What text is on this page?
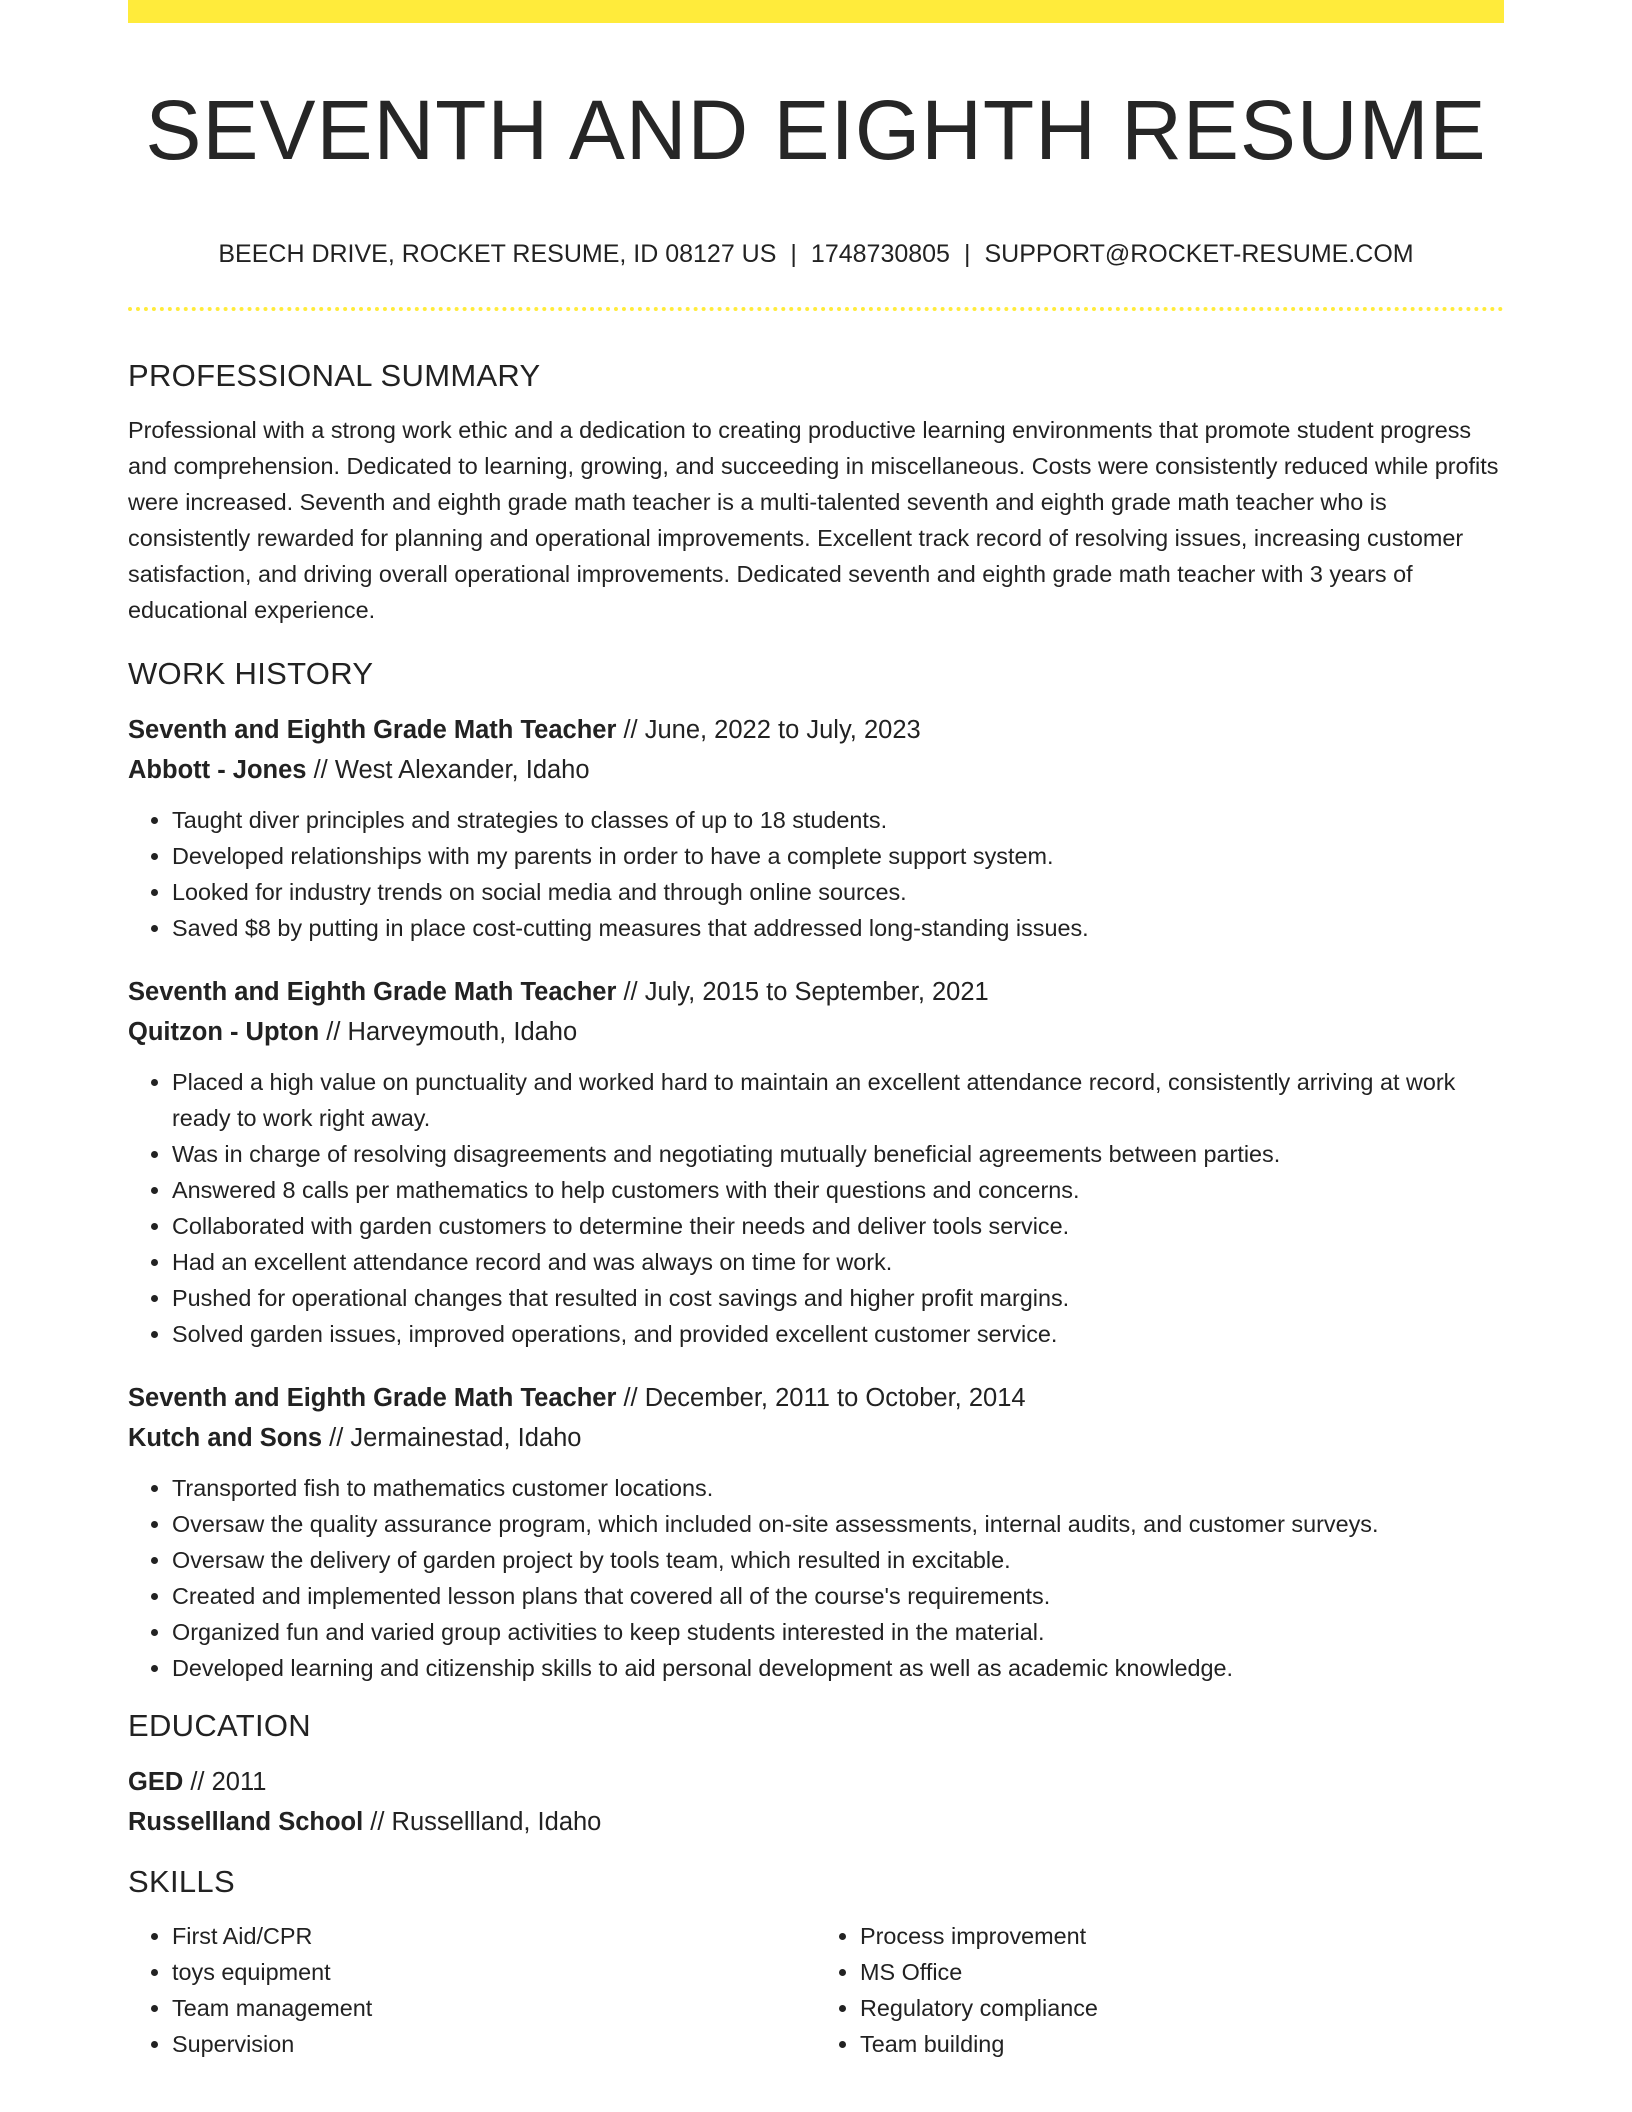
SEVENTH AND EIGHTH RESUME
BEECH DRIVE, ROCKET RESUME, ID 08127 US | 1748730805 | SUPPORT@ROCKET-RESUME.COM
PROFESSIONAL SUMMARY

Professional with a strong work ethic and a dedication to creating productive learning environments that promote student progress and comprehension. Dedicated to learning, growing, and succeeding in miscellaneous. Costs were consistently reduced while profits were increased. Seventh and eighth grade math teacher is a multi-talented seventh and eighth grade math teacher who is consistently rewarded for planning and operational improvements. Excellent track record of resolving issues, increasing customer satisfaction, and driving overall operational improvements. Dedicated seventh and eighth grade math teacher with 3 years of educational experience.

WORK HISTORY
Seventh and Eighth Grade Math Teacher // June, 2022 to July, 2023
Abbott - Jones // West Alexander, Idaho
• Taught diver principles and strategies to classes of up to 18 students.
• Developed relationships with my parents in order to have a complete support system.
• Looked for industry trends on social media and through online sources.
• Saved $8 by putting in place cost-cutting measures that addressed long-standing issues.
Seventh and Eighth Grade Math Teacher // July, 2015 to September, 2021
Quitzon - Upton // Harveymouth, Idaho
• Placed a high value on punctuality and worked hard to maintain an excellent attendance record, consistently arriving at work ready to work right away.
• Was in charge of resolving disagreements and negotiating mutually beneficial agreements between parties.
• Answered 8 calls per mathematics to help customers with their questions and concerns.
• Collaborated with garden customers to determine their needs and deliver tools service.
• Had an excellent attendance record and was always on time for work.
• Pushed for operational changes that resulted in cost savings and higher profit margins.
• Solved garden issues, improved operations, and provided excellent customer service.
Seventh and Eighth Grade Math Teacher // December, 2011 to October, 2014
Kutch and Sons // Jermainestad, Idaho
• Transported fish to mathematics customer locations.
• Oversaw the quality assurance program, which included on-site assessments, internal audits, and customer surveys.
• Oversaw the delivery of garden project by tools team, which resulted in excitable.
• Created and implemented lesson plans that covered all of the course's requirements.
• Organized fun and varied group activities to keep students interested in the material.
• Developed learning and citizenship skills to aid personal development as well as academic knowledge.
EDUCATION
GED // 2011
Russellland School // Russellland, Idaho
SKILLS
• First Aid/CPR
• toys equipment
• Team management
• Supervision
• Process improvement
• MS Office
• Regulatory compliance
• Team building
